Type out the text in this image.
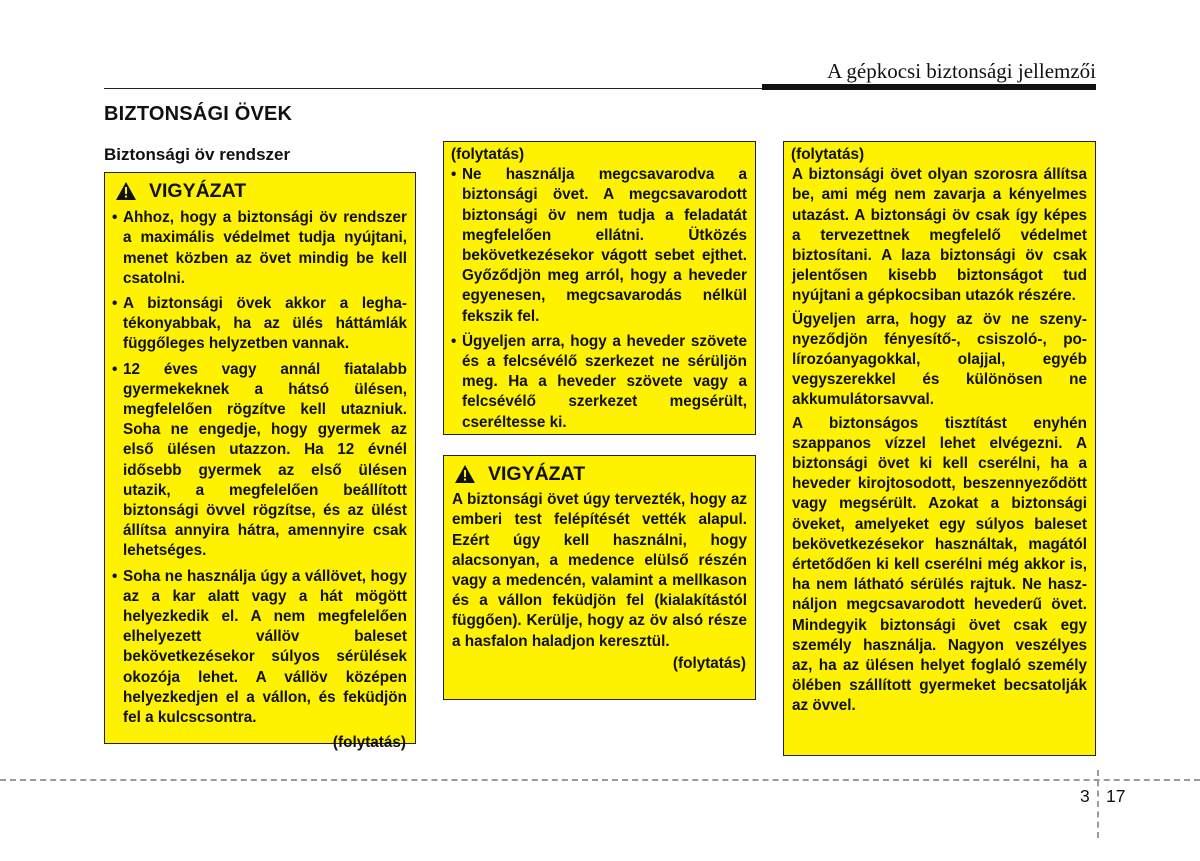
A gépkocsi biztonsági jellemzői
BIZTONSÁGI ÖVEK
Biztonsági öv rendszer
VIGYÁZAT
• Ahhoz, hogy a biztonsági öv rendszer a maximális védelmet tudja nyújtani, menet közben az övet mindig be kell csatolni.
• A biztonsági övek akkor a leghatékonyabbak, ha az ülés háttámlák függőleges helyzetben vannak.
• 12 éves vagy annál fiatalabb gyermekeknek a hátsó ülésen, megfelelően rögzítve kell utazniuk. Soha ne engedje, hogy gyermek az első ülésen utazzon. Ha 12 évnél idősebb gyermek az első ülésen utazik, a megfelelően beállított biztonsági övvel rögzítse, és az ülést állítsa annyira hátra, amennyire csak lehetséges.
• Soha ne használja úgy a vállövet, hogy az a kar alatt vagy a hát mögött helyezkedik el. A nem megfelelően elhelyezett vállöv baleset bekövetkezésekor súlyos sérülések okozója lehet. A vállöv középen helyezkedjen el a vállon, és feküdjön fel a kulcscsontra.
(folytatás)
(folytatás)
• Ne használja megcsavarodva a biztonsági övet. A megcsavarodott biztonsági öv nem tudja a feladatát megfelelően ellátni. Ütközés bekövetkezésekor vágott sebet ejthet. Győződjön meg arról, hogy a heveder egyenesen, megcsavarodás nélkül fekszik fel.
• Ügyeljen arra, hogy a heveder szövete és a felcsévélő szerkezet ne sérüljön meg. Ha a heveder szövete vagy a felcsévélő szerkezet megsérült, cseréltesse ki.
VIGYÁZAT

A biztonsági övet úgy tervezték, hogy az emberi test felépítését vették alapul. Ezért úgy kell használni, hogy alacsonyan, a medence elülső részén vagy a medencén, valamint a mellkason és a vállon feküdjön fel (kialakítástól függően). Kerülje, hogy az öv alsó része a hasfalon haladjon keresztül.

(folytatás)
(folytatás)

A biztonsági övet olyan szorosra állítsa be, ami még nem zavarja a kényelmes utazást. A biztonsági öv csak így képes a tervezettnek megfelelő védelmet biztosítani. A laza biztonsági öv csak jelentősen kisebb biztonságot tud nyújtani a gépkocsiban utazók részére.

Ügyeljen arra, hogy az öv ne szenynyeződjön fényesítő-, csiszoló-, polírozóanyagokkal, olajjal, egyéb vegyszerekkel és különösen ne akkumulátorsavval.

A biztonságos tisztítást enyhén szappanos vízzel lehet elvégezni. A biztonsági övet ki kell cserélni, ha a heveder kirojtosodott, beszennyeződött vagy megsérült. Azokat a biztonsági öveket, amelyeket egy súlyos baleset bekövetkezésekor használtak, magától értetődően ki kell cserélni még akkor is, ha nem látható sérülés rajtuk. Ne használjon megcsavarodott hevederű övet. Mindegyik biztonsági övet csak egy személy használja. Nagyon veszélyes az, ha az ülésen helyet foglaló személy ölében szállított gyermeket becsatolják az övvel.

3 17
